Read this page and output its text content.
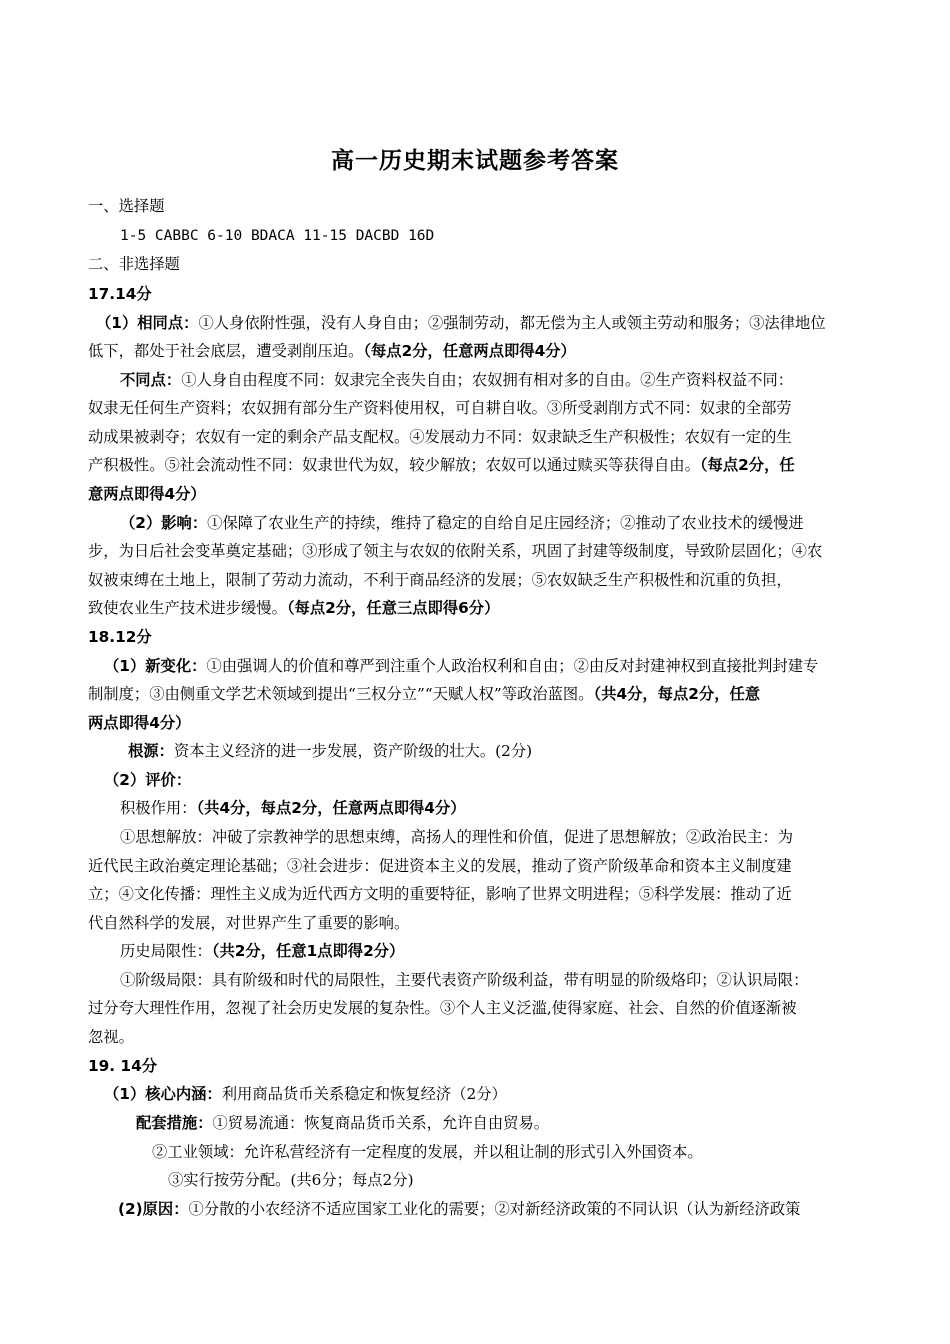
高一历史期末试题参考答案
一、选择题
1-5 CABBC 6-10 BDACA 11-15 DACBD 16D
二、非选择题
17.14分
（1）相同点：①人身依附性强，没有人身自由；②强制劳动，都无偿为主人或领主劳动和服务；③法律地位
低下，都处于社会底层，遭受剥削压迫。（每点2分，任意两点即得4分）
不同点：①人身自由程度不同：奴隶完全丧失自由；农奴拥有相对多的自由。②生产资料权益不同：
奴隶无任何生产资料；农奴拥有部分生产资料使用权，可自耕自收。③所受剥削方式不同：奴隶的全部劳
动成果被剥夺；农奴有一定的剩余产品支配权。④发展动力不同：奴隶缺乏生产积极性；农奴有一定的生
产积极性。⑤社会流动性不同：奴隶世代为奴，较少解放；农奴可以通过赎买等获得自由。（每点2分，任
意两点即得4分）
（2）影响：①保障了农业生产的持续，维持了稳定的自给自足庄园经济；②推动了农业技术的缓慢进
步，为日后社会变革奠定基础；③形成了领主与农奴的依附关系，巩固了封建等级制度，导致阶层固化；④农
奴被束缚在土地上，限制了劳动力流动，不利于商品经济的发展；⑤农奴缺乏生产积极性和沉重的负担，
致使农业生产技术进步缓慢。（每点2分，任意三点即得6分）
18.12分
（1）新变化：①由强调人的价值和尊严到注重个人政治权利和自由；②由反对封建神权到直接批判封建专
制制度；③由侧重文学艺术领域到提出“三权分立”“天赋人权”等政治蓝图。（共4分，每点2分，任意
两点即得4分）
根源：资本主义经济的进一步发展，资产阶级的壮大。(2分)
（2）评价：
积极作用：（共4分，每点2分，任意两点即得4分）
①思想解放：冲破了宗教神学的思想束缚，高扬人的理性和价值，促进了思想解放；②政治民主：为
近代民主政治奠定理论基础；③社会进步：促进资本主义的发展，推动了资产阶级革命和资本主义制度建
立；④文化传播：理性主义成为近代西方文明的重要特征，影响了世界文明进程；⑤科学发展：推动了近
代自然科学的发展，对世界产生了重要的影响。
历史局限性：（共2分，任意1点即得2分）
①阶级局限：具有阶级和时代的局限性，主要代表资产阶级利益，带有明显的阶级烙印；②认识局限：
过分夸大理性作用，忽视了社会历史发展的复杂性。③个人主义泛滥,使得家庭、社会、自然的价值逐渐被
忽视。
19. 14分
（1）核心内涵：利用商品货币关系稳定和恢复经济（2分）
配套措施：①贸易流通：恢复商品货币关系，允许自由贸易。
②工业领域：允许私营经济有一定程度的发展，并以租让制的形式引入外国资本。
③实行按劳分配。(共6分；每点2分)
(2)原因：①分散的小农经济不适应国家工业化的需要；②对新经济政策的不同认识（认为新经济政策
